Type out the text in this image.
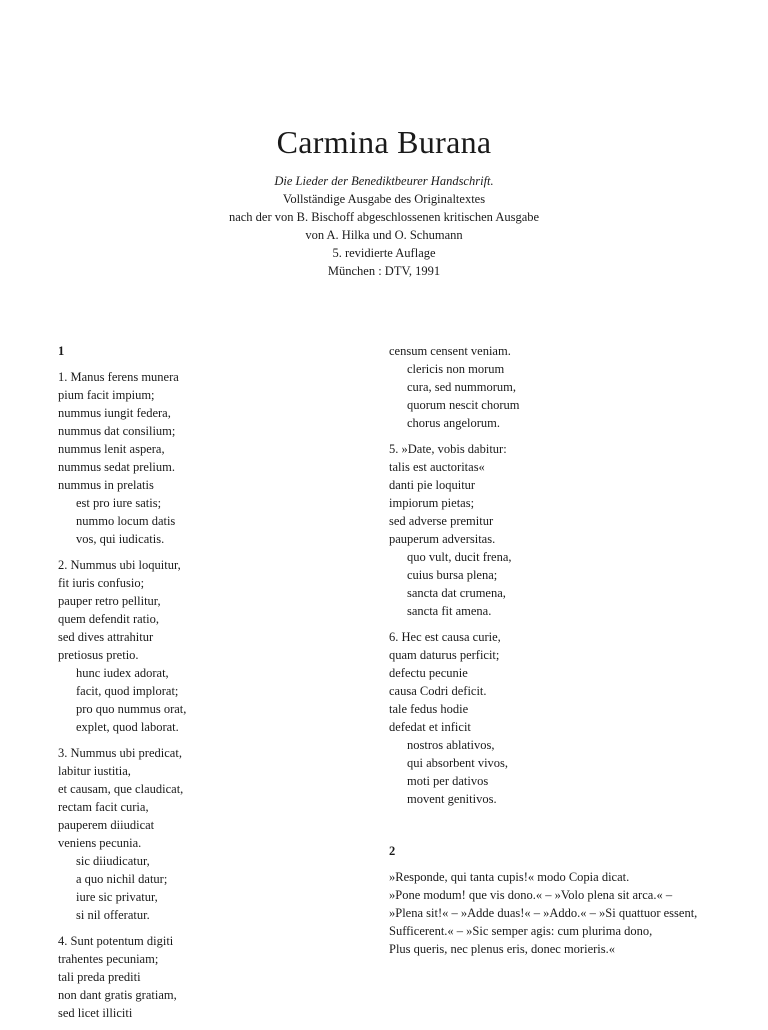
Carmina Burana
Die Lieder der Benediktbeurer Handschrift.
Vollständige Ausgabe des Originaltextes
nach der von B. Bischoff abgeschlossenen kritischen Ausgabe
von A. Hilka und O. Schumann
5. revidierte Auflage
München : DTV, 1991
1
1. Manus ferens munera
pium facit impium;
nummus iungit federa,
nummus dat consilium;
nummus lenit aspera,
nummus sedat prelium.
nummus in prelatis
est pro iure satis;
nummo locum datis
vos, qui iudicatis.
2. Nummus ubi loquitur,
fit iuris confusio;
pauper retro pellitur,
quem defendit ratio,
sed dives attrahitur
pretiosus pretio.
hunc iudex adorat,
facit, quod implorat;
pro quo nummus orat,
explet, quod laborat.
3. Nummus ubi predicat,
labitur iustitia,
et causam, que claudicat,
rectam facit curia,
pauperem diiudicat
veniens pecunia.
sic diiudicatur,
a quo nichil datur;
iure sic privatur,
si nil offeratur.
4. Sunt potentum digiti
trahentes pecuniam;
tali preda prediti
non dant gratis gratiam,
sed licet illiciti
censum censent veniam.
clericis non morum
cura, sed nummorum,
quorum nescit chorum
chorus angelorum.
5. »Date, vobis dabitur:
talis est auctoritas«
danti pie loquitur
impiorum pietas;
sed adverse premitur
pauperum adversitas.
quo vult, ducit frena,
cuius bursa plena;
sancta dat crumena,
sancta fit amena.
6. Hec est causa curie,
quam daturus perficit;
defectu pecunie
causa Codri deficit.
tale fedus hodie
defedat et inficit
nostros ablativos,
qui absorbent vivos,
moti per dativos
movent genitivos.
2
»Responde, qui tanta cupis!« modo Copia dicat.
»Pone modum! que vis dono.« – »Volo plena sit arca.« –
»Plena sit!« – »Adde duas!« – »Addo.« – »Si quattuor essent,
Sufficerent.« – »Sic semper agis: cum plurima dono,
Plus queris, nec plenus eris, donec morieris.«
